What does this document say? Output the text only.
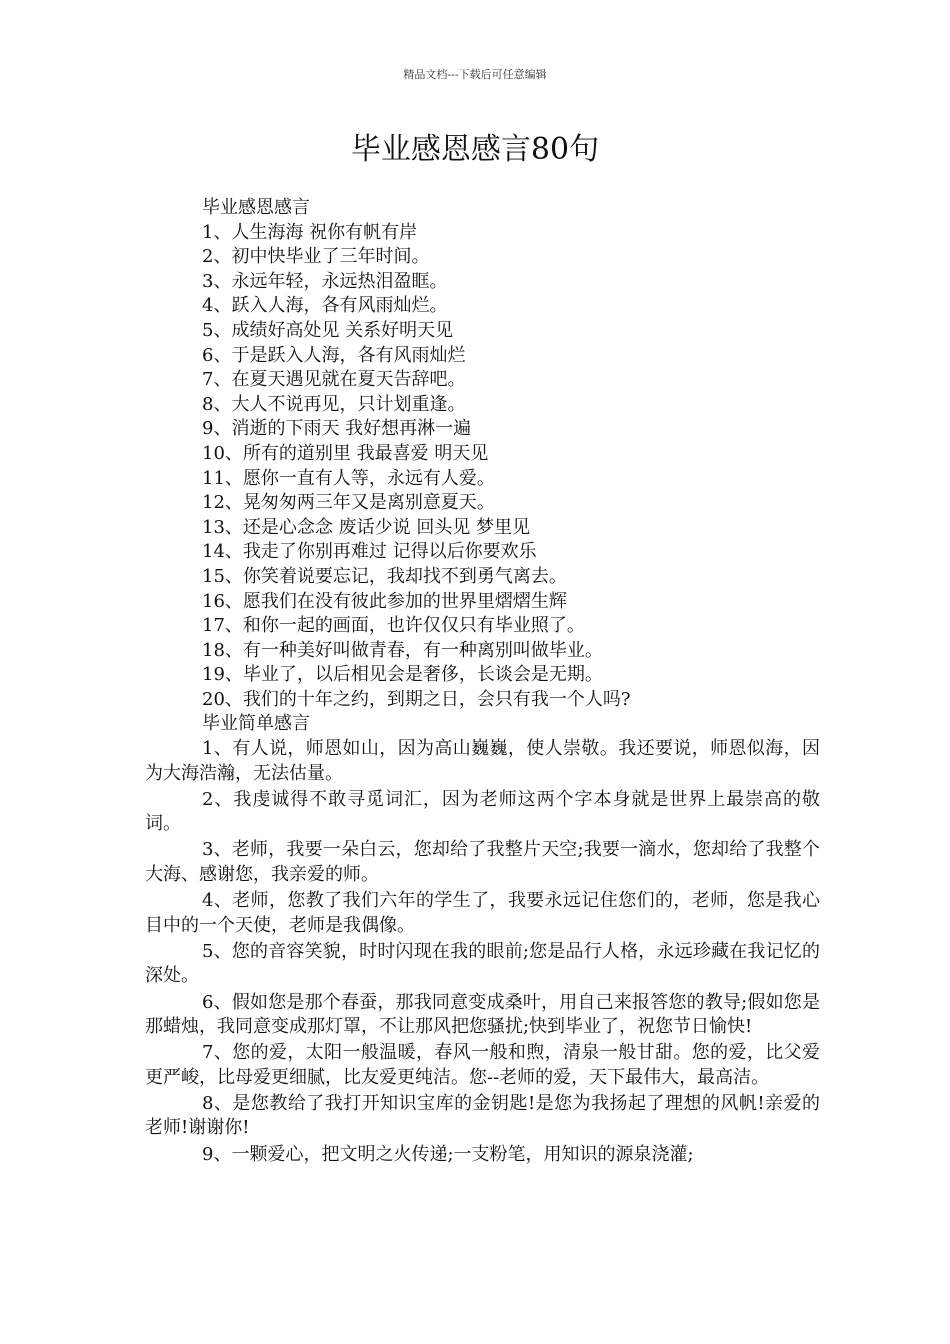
精品文档---下载后可任意编辑
毕业感恩感言80句
毕业感恩感言
1、人生海海 祝你有帆有岸
2、初中快毕业了三年时间。
3、永远年轻，永远热泪盈眶。
4、跃入人海，各有风雨灿烂。
5、成绩好高处见 关系好明天见
6、于是跃入人海，各有风雨灿烂
7、在夏天遇见就在夏天告辞吧。
8、大人不说再见，只计划重逢。
9、消逝的下雨天 我好想再淋一遍
10、所有的道别里 我最喜爱 明天见
11、愿你一直有人等，永远有人爱。
12、晃匆匆两三年又是离别意夏天。
13、还是心念念 废话少说 回头见 梦里见
14、我走了你别再难过 记得以后你要欢乐
15、你笑着说要忘记，我却找不到勇气离去。
16、愿我们在没有彼此参加的世界里熠熠生辉
17、和你一起的画面，也许仅仅只有毕业照了。
18、有一种美好叫做青春，有一种离别叫做毕业。
19、毕业了，以后相见会是奢侈，长谈会是无期。
20、我们的十年之约，到期之日，会只有我一个人吗?
毕业简单感言

1、有人说，师恩如山，因为高山巍巍，使人崇敬。我还要说，师恩似海，因为大海浩瀚，无法估量。

2、我虔诚得不敢寻觅词汇，因为老师这两个字本身就是世界上最崇高的敬词。

3、老师，我要一朵白云，您却给了我整片天空;我要一滴水，您却给了我整个大海、感谢您，我亲爱的师。

4、老师，您教了我们六年的学生了，我要永远记住您们的，老师，您是我心目中的一个天使，老师是我偶像。

5、您的音容笑貌，时时闪现在我的眼前;您是品行人格，永远珍藏在我记忆的深处。

6、假如您是那个春蚕，那我同意变成桑叶，用自己来报答您的教导;假如您是那蜡烛，我同意变成那灯罩，不让那风把您骚扰;快到毕业了，祝您节日愉快!

7、您的爱，太阳一般温暖，春风一般和煦，清泉一般甘甜。您的爱，比父爱更严峻，比母爱更细腻，比友爱更纯洁。您--老师的爱，天下最伟大，最高洁。

8、是您教给了我打开知识宝库的金钥匙!是您为我扬起了理想的风帆!亲爱的老师!谢谢你!

9、一颗爱心，把文明之火传递;一支粉笔，用知识的源泉浇灌;
